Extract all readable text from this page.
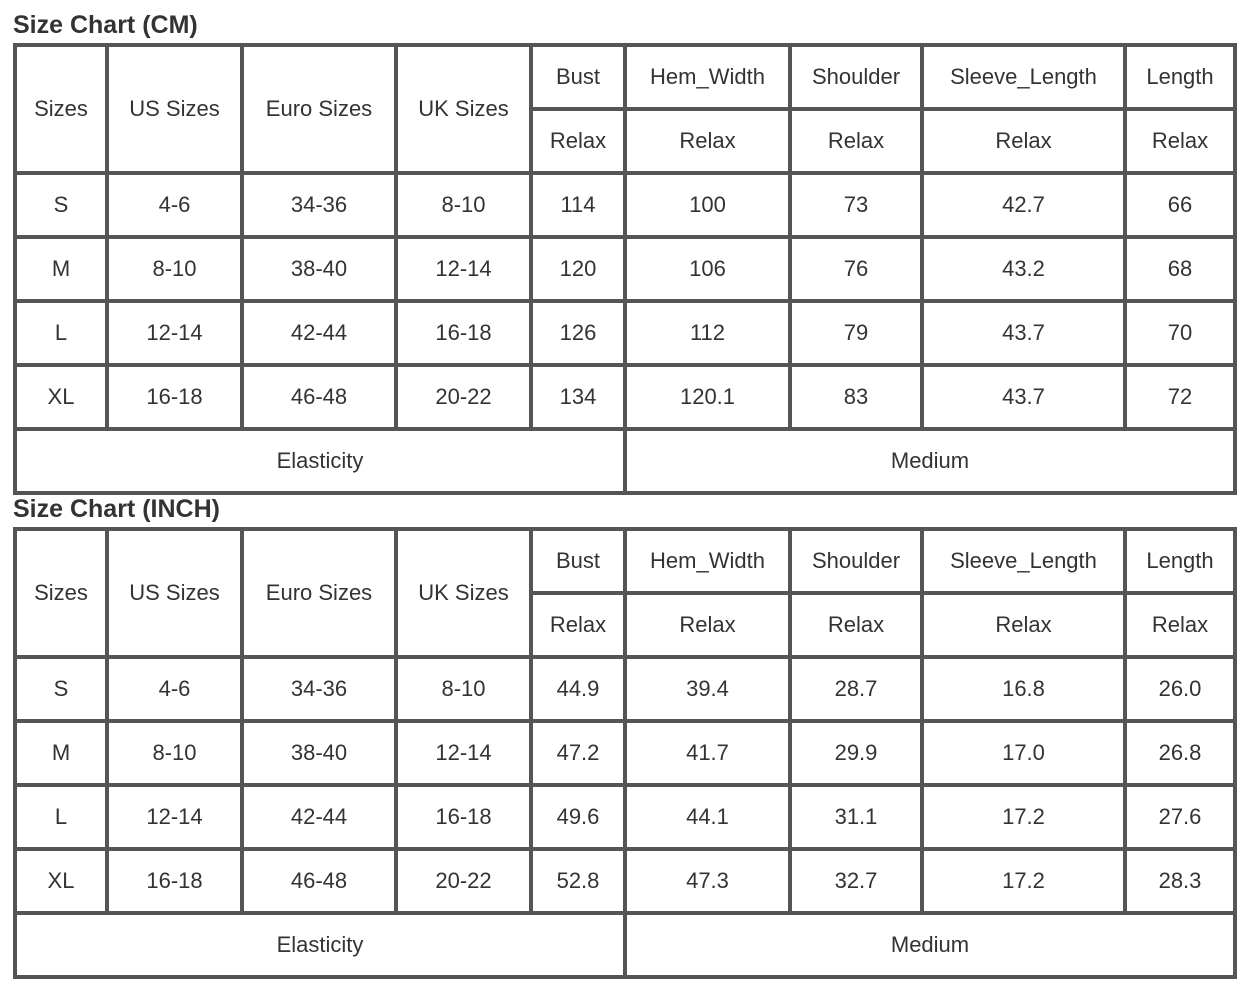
Size Chart (CM)
Sizes	US Sizes	Euro Sizes	UK Sizes	Bust	Hem_Width	Shoulder	Sleeve_Length	Length
				Relax	Relax	Relax	Relax	Relax
S	4-6	34-36	8-10	114	100	73	42.7	66
M	8-10	38-40	12-14	120	106	76	43.2	68
L	12-14	42-44	16-18	126	112	79	43.7	70
XL	16-18	46-48	20-22	134	120.1	83	43.7	72
Elasticity					Medium			
Size Chart (INCH)
Sizes	US Sizes	Euro Sizes	UK Sizes	Bust	Hem_Width	Shoulder	Sleeve_Length	Length
				Relax	Relax	Relax	Relax	Relax
S	4-6	34-36	8-10	44.9	39.4	28.7	16.8	26.0
M	8-10	38-40	12-14	47.2	41.7	29.9	17.0	26.8
L	12-14	42-44	16-18	49.6	44.1	31.1	17.2	27.6
XL	16-18	46-48	20-22	52.8	47.3	32.7	17.2	28.3
Elasticity					Medium			
